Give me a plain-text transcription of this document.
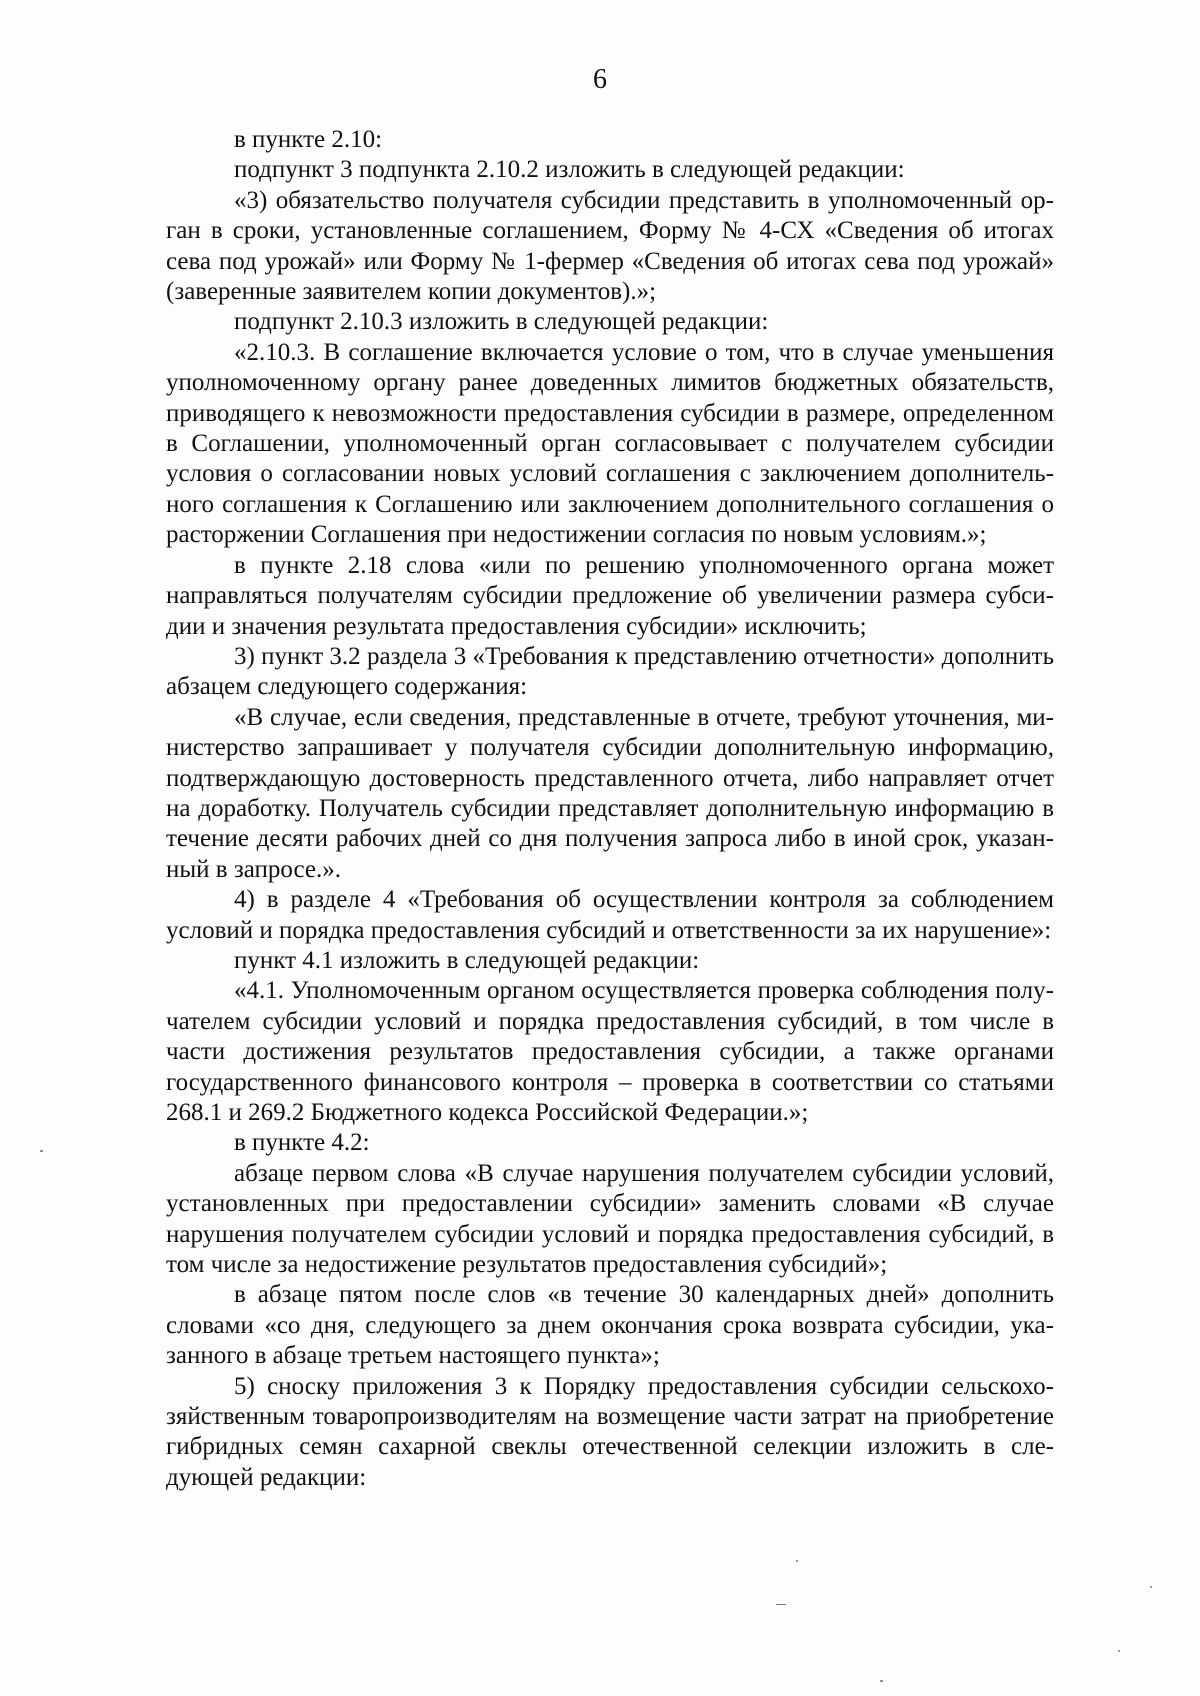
6

в пункте 2.10:

подпункт 3 подпункта 2.10.2 изложить в следующей редакции:

«3) обязательство получателя субсидии представить в уполномоченный орган в сроки, установленные соглашением, Форму № 4-СХ «Сведения об итогах сева под урожай» или Форму № 1-фермер «Сведения об итогах сева под урожай» (заверенные заявителем копии документов).»;

подпункт 2.10.3 изложить в следующей редакции:

«2.10.3. В соглашение включается условие о том, что в случае уменьшения уполномоченному органу ранее доведенных лимитов бюджетных обязательств, приводящего к невозможности предоставления субсидии в размере, определенном в Соглашении, уполномоченный орган согласовывает с получателем субсидии условия о согласовании новых условий соглашения с заключением дополнительного соглашения к Соглашению или заключением дополнительного соглашения о расторжении Соглашения при недостижении согласия по новым условиям.»;

в пункте 2.18 слова «или по решению уполномоченного органа может направляться получателям субсидии предложение об увеличении размера субсидии и значения результата предоставления субсидии» исключить;

3) пункт 3.2 раздела 3 «Требования к представлению отчетности» дополнить абзацем следующего содержания:

«В случае, если сведения, представленные в отчете, требуют уточнения, министерство запрашивает у получателя субсидии дополнительную информацию, подтверждающую достоверность представленного отчета, либо направляет отчет на доработку. Получатель субсидии представляет дополнительную информацию в течение десяти рабочих дней со дня получения запроса либо в иной срок, указанный в запросе.».

4) в разделе 4 «Требования об осуществлении контроля за соблюдением условий и порядка предоставления субсидий и ответственности за их нарушение»:

пункт 4.1 изложить в следующей редакции:

«4.1. Уполномоченным органом осуществляется проверка соблюдения получателем субсидии условий и порядка предоставления субсидий, в том числе в части достижения результатов предоставления субсидии, а также органами государственного финансового контроля – проверка в соответствии со статьями 268.1 и 269.2 Бюджетного кодекса Российской Федерации.»;

в пункте 4.2:

абзаце первом слова «В случае нарушения получателем субсидии условий, установленных при предоставлении субсидии» заменить словами «В случае нарушения получателем субсидии условий и порядка предоставления субсидий, в том числе за недостижение результатов предоставления субсидий»;

в абзаце пятом после слов «в течение 30 календарных дней» дополнить словами «со дня, следующего за днем окончания срока возврата субсидии, указанного в абзаце третьем настоящего пункта»;

5) сноску приложения 3 к Порядку предоставления субсидии сельскохозяйственным товаропроизводителям на возмещение части затрат на приобретение гибридных семян сахарной свеклы отечественной селекции изложить в следующей редакции:
